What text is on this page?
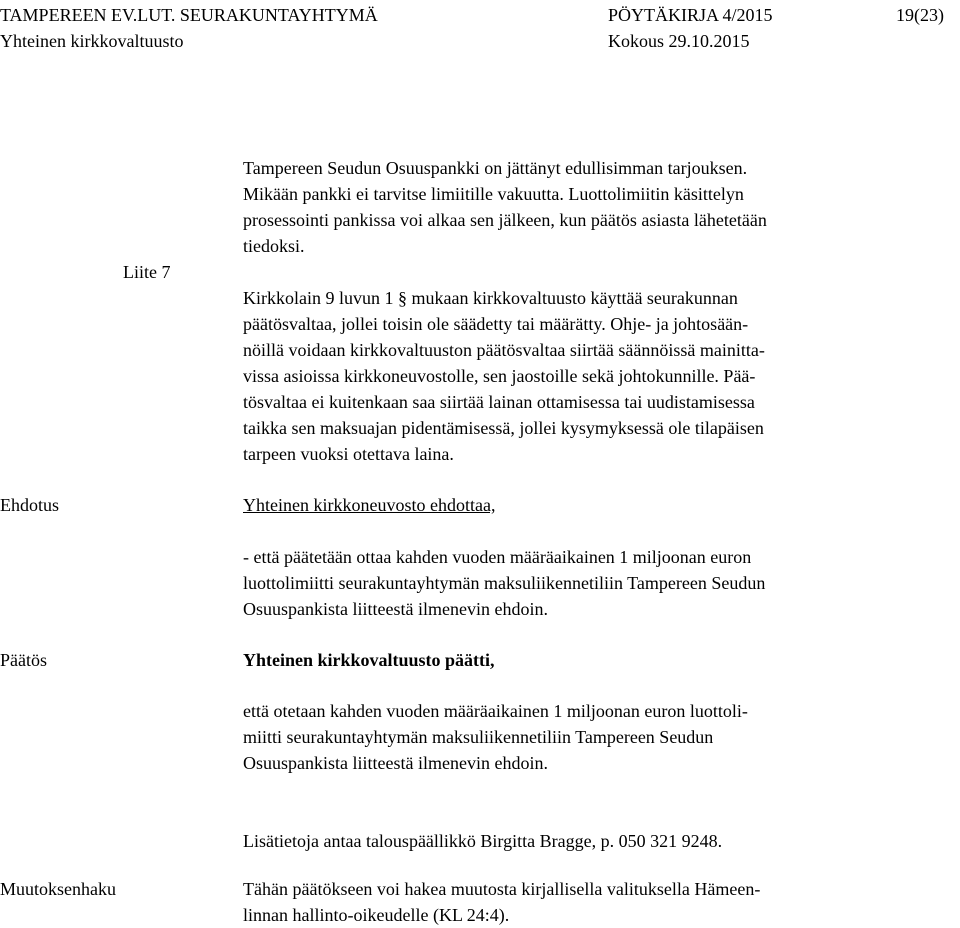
TAMPEREEN EV.LUT. SEURAKUNTAYHTYMÄ	PÖYTÄKIRJA 4/2015	19(23)
Yhteinen kirkkovaltuusto	Kokous 29.10.2015
Liite 7
Ehdotus
Päätös
Muutoksenhaku
Tampereen Seudun Osuuspankki on jättänyt edullisimman tarjouksen.
Mikään pankki ei tarvitse limiitille vakuutta. Luottolimiitin käsittelyn
prosessointi pankissa voi alkaa sen jälkeen, kun päätös asiasta lähetetään
tiedoksi.
Kirkkolain 9 luvun 1 § mukaan kirkkovaltuusto käyttää seurakunnan
päätösvaltaa, jollei toisin ole säädetty tai määrätty. Ohje- ja johtosään-
nöillä voidaan kirkkovaltuuston päätösvaltaa siirtää säännöissä mainitta-
vissa asioissa kirkkoneuvostolle, sen jaostoille sekä johtokunnille. Pää-
tösvaltaa ei kuitenkaan saa siirtää lainan ottamisessa tai uudistamisessa
taikka sen maksuajan pidentämisessä, jollei kysymyksessä ole tilapäisen
tarpeen vuoksi otettava laina.
Yhteinen kirkkoneuvosto ehdottaa,
- että päätetään ottaa kahden vuoden määräaikainen 1 miljoonan euron
luottolimiitti seurakuntayhtymän maksuliikennetiliin Tampereen Seudun
Osuuspankista liitteestä ilmenevin ehdoin.
Yhteinen kirkkovaltuusto päätti,
että otetaan kahden vuoden määräaikainen 1 miljoonan euron luottoli-
miitti seurakuntayhtymän maksuliikennetiliin Tampereen Seudun
Osuuspankista liitteestä ilmenevin ehdoin.
Lisätietoja antaa talouspäällikkö Birgitta Bragge, p. 050 321 9248.
Tähän päätökseen voi hakea muutosta kirjallisella valituksella Hämeen-
linnan hallinto-oikeudelle (KL 24:4).
